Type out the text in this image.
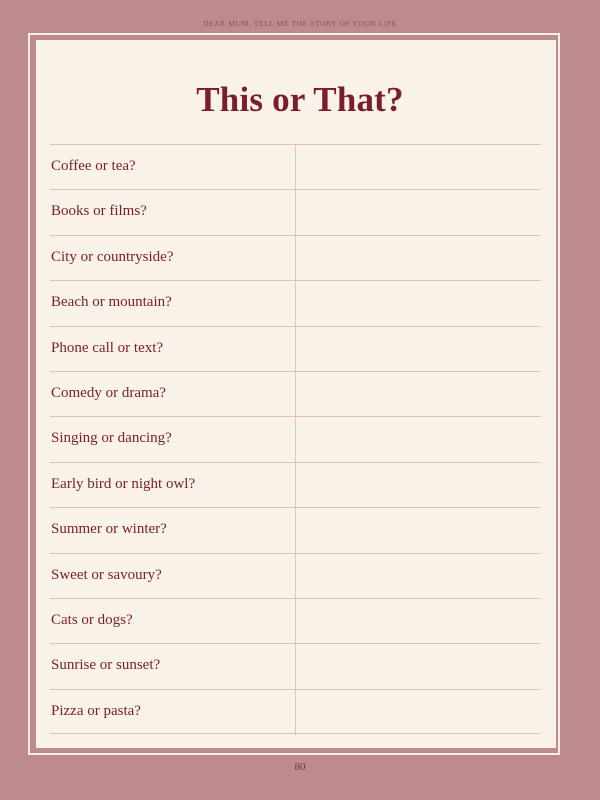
DEAR MUM, TELL ME THE STORY OF YOUR LIFE
This or That?
Coffee or tea?
Books or films?
City or countryside?
Beach or mountain?
Phone call or text?
Comedy or drama?
Singing or dancing?
Early bird or night owl?
Summer or winter?
Sweet or savoury?
Cats or dogs?
Sunrise or sunset?
Pizza or pasta?
80
